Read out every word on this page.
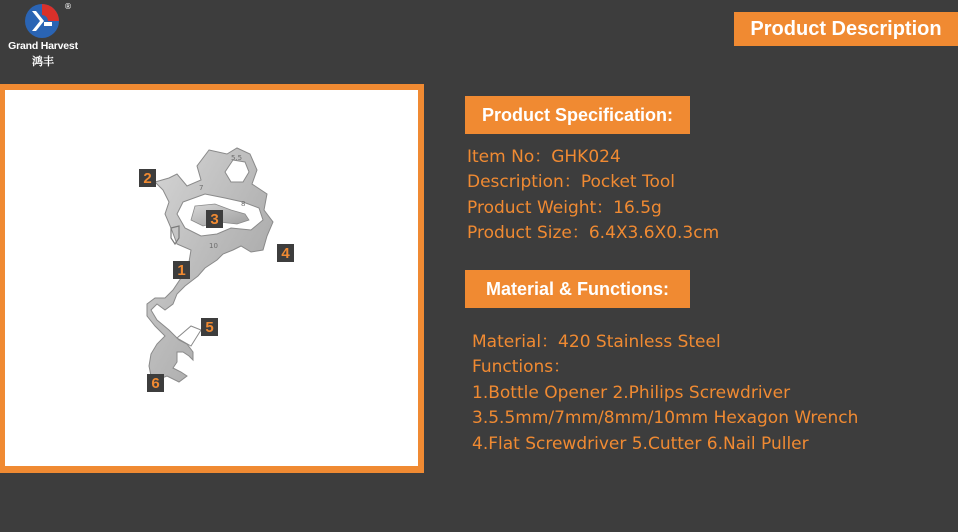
®
Grand Harvest
鸿丰
Product Description
5.5
7
8
10
2
3
4
1
5
6
Product Specification:
Item No：GHK024
Description：Pocket Tool
Product Weight：16.5g
Product Size：6.4X3.6X0.3cm
Material & Functions:
Material：420 Stainless Steel
Functions：
1.Bottle Opener 2.Philips Screwdriver
3.5.5mm/7mm/8mm/10mm Hexagon Wrench
4.Flat Screwdriver 5.Cutter 6.Nail Puller
